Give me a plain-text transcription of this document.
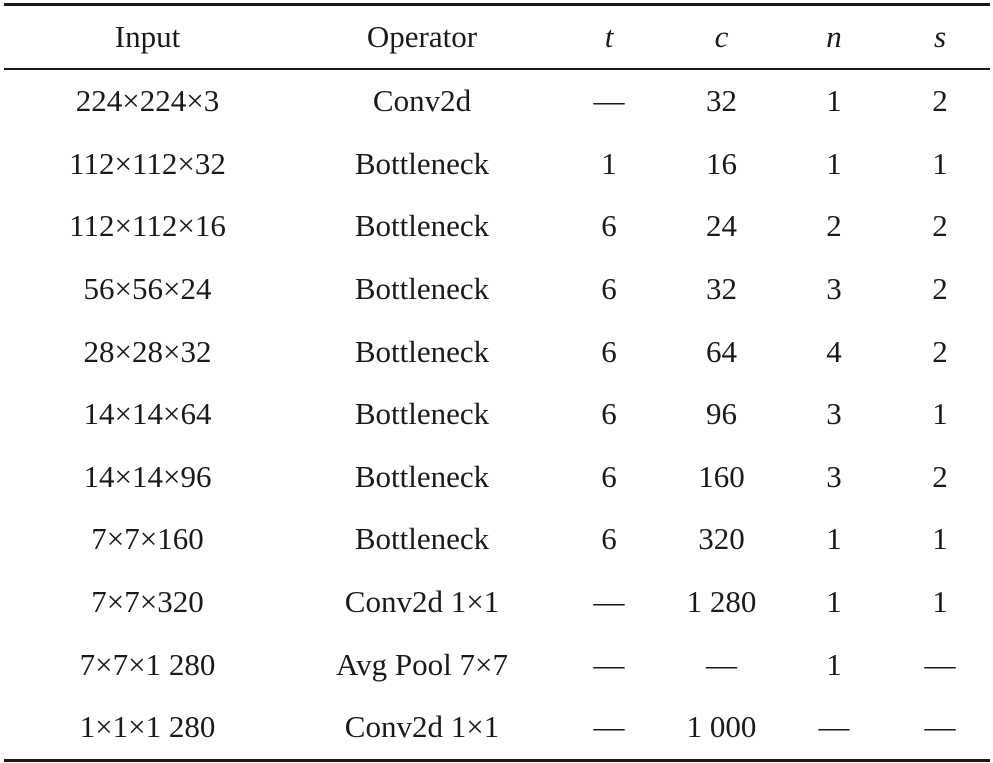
Input	Operator	t	c	n	s
224×224×3	Conv2d	—	32	1	2
112×112×32	Bottleneck	1	16	1	1
112×112×16	Bottleneck	6	24	2	2
56×56×24	Bottleneck	6	32	3	2
28×28×32	Bottleneck	6	64	4	2
14×14×64	Bottleneck	6	96	3	1
14×14×96	Bottleneck	6	160	3	2
7×7×160	Bottleneck	6	320	1	1
7×7×320	Conv2d 1×1	—	1 280	1	1
7×7×1 280	Avg Pool 7×7	—	—	1	—
1×1×1 280	Conv2d 1×1	—	1 000	—	—
